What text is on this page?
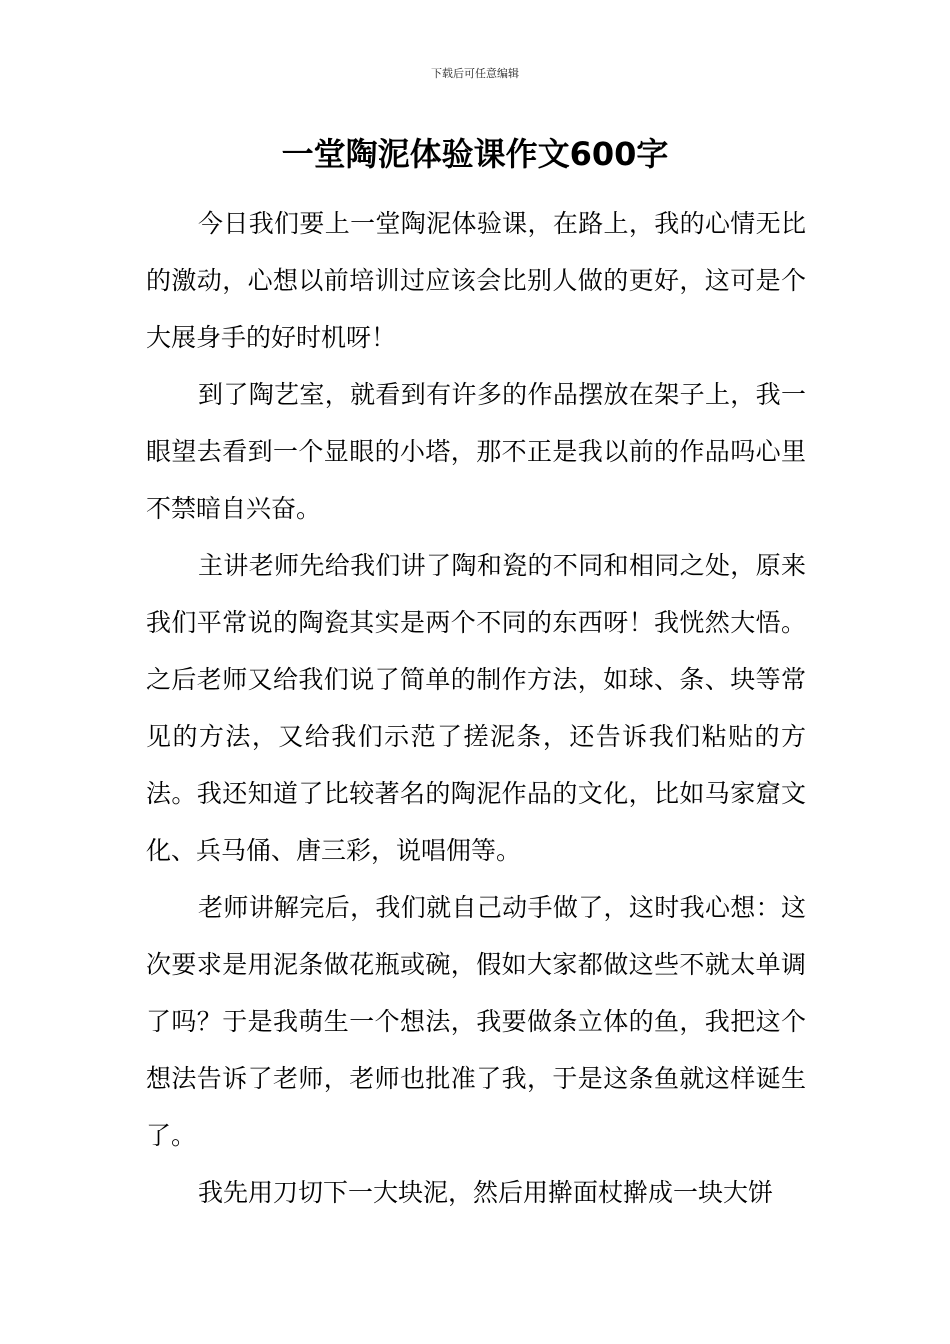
下载后可任意编辑
一堂陶泥体验课作文600字

今日我们要上一堂陶泥体验课，在路上，我的心情无比的激动，心想以前培训过应该会比别人做的更好，这可是个大展身手的好时机呀！

到了陶艺室，就看到有许多的作品摆放在架子上，我一眼望去看到一个显眼的小塔，那不正是我以前的作品吗心里不禁暗自兴奋。

主讲老师先给我们讲了陶和瓷的不同和相同之处，原来我们平常说的陶瓷其实是两个不同的东西呀！我恍然大悟。之后老师又给我们说了简单的制作方法，如球、条、块等常见的方法，又给我们示范了搓泥条，还告诉我们粘贴的方法。我还知道了比较著名的陶泥作品的文化，比如马家窟文化、兵马俑、唐三彩，说唱佣等。

老师讲解完后，我们就自己动手做了，这时我心想：这次要求是用泥条做花瓶或碗，假如大家都做这些不就太单调了吗？于是我萌生一个想法，我要做条立体的鱼，我把这个想法告诉了老师，老师也批准了我，于是这条鱼就这样诞生了。

我先用刀切下一大块泥，然后用擀面杖擀成一块大饼
